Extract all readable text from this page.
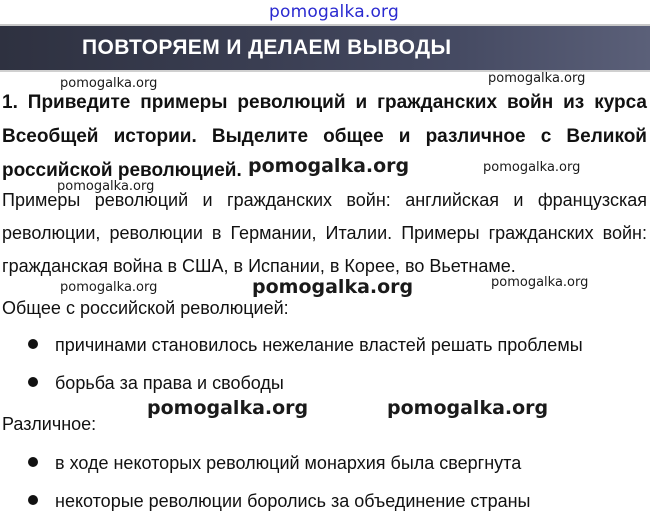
pomogalka.org
ПОВТОРЯЕМ И ДЕЛАЕМ ВЫВОДЫ
1. Приведите примеры революций и гражданских войн из курса Всеобщей истории. Выделите общее и различное с Великой российской революцией.
Примеры революций и гражданских войн: английская и французская революции, революции в Германии, Италии. Примеры гражданских войн: гражданская война в США, в Испании, в Корее, во Вьетнаме.
Общее с российской революцией:
причинами становилось нежелание властей решать проблемы
борьба за права и свободы
Различное:
в ходе некоторых революций монархия была свергнута
некоторые революции боролись за объединение страны
pomogalka.org	pomogalka.org
pomogalka.org	pomogalka.org
pomogalka.org
pomogalka.org	pomogalka.org	pomogalka.org
pomogalka.org	pomogalka.org
